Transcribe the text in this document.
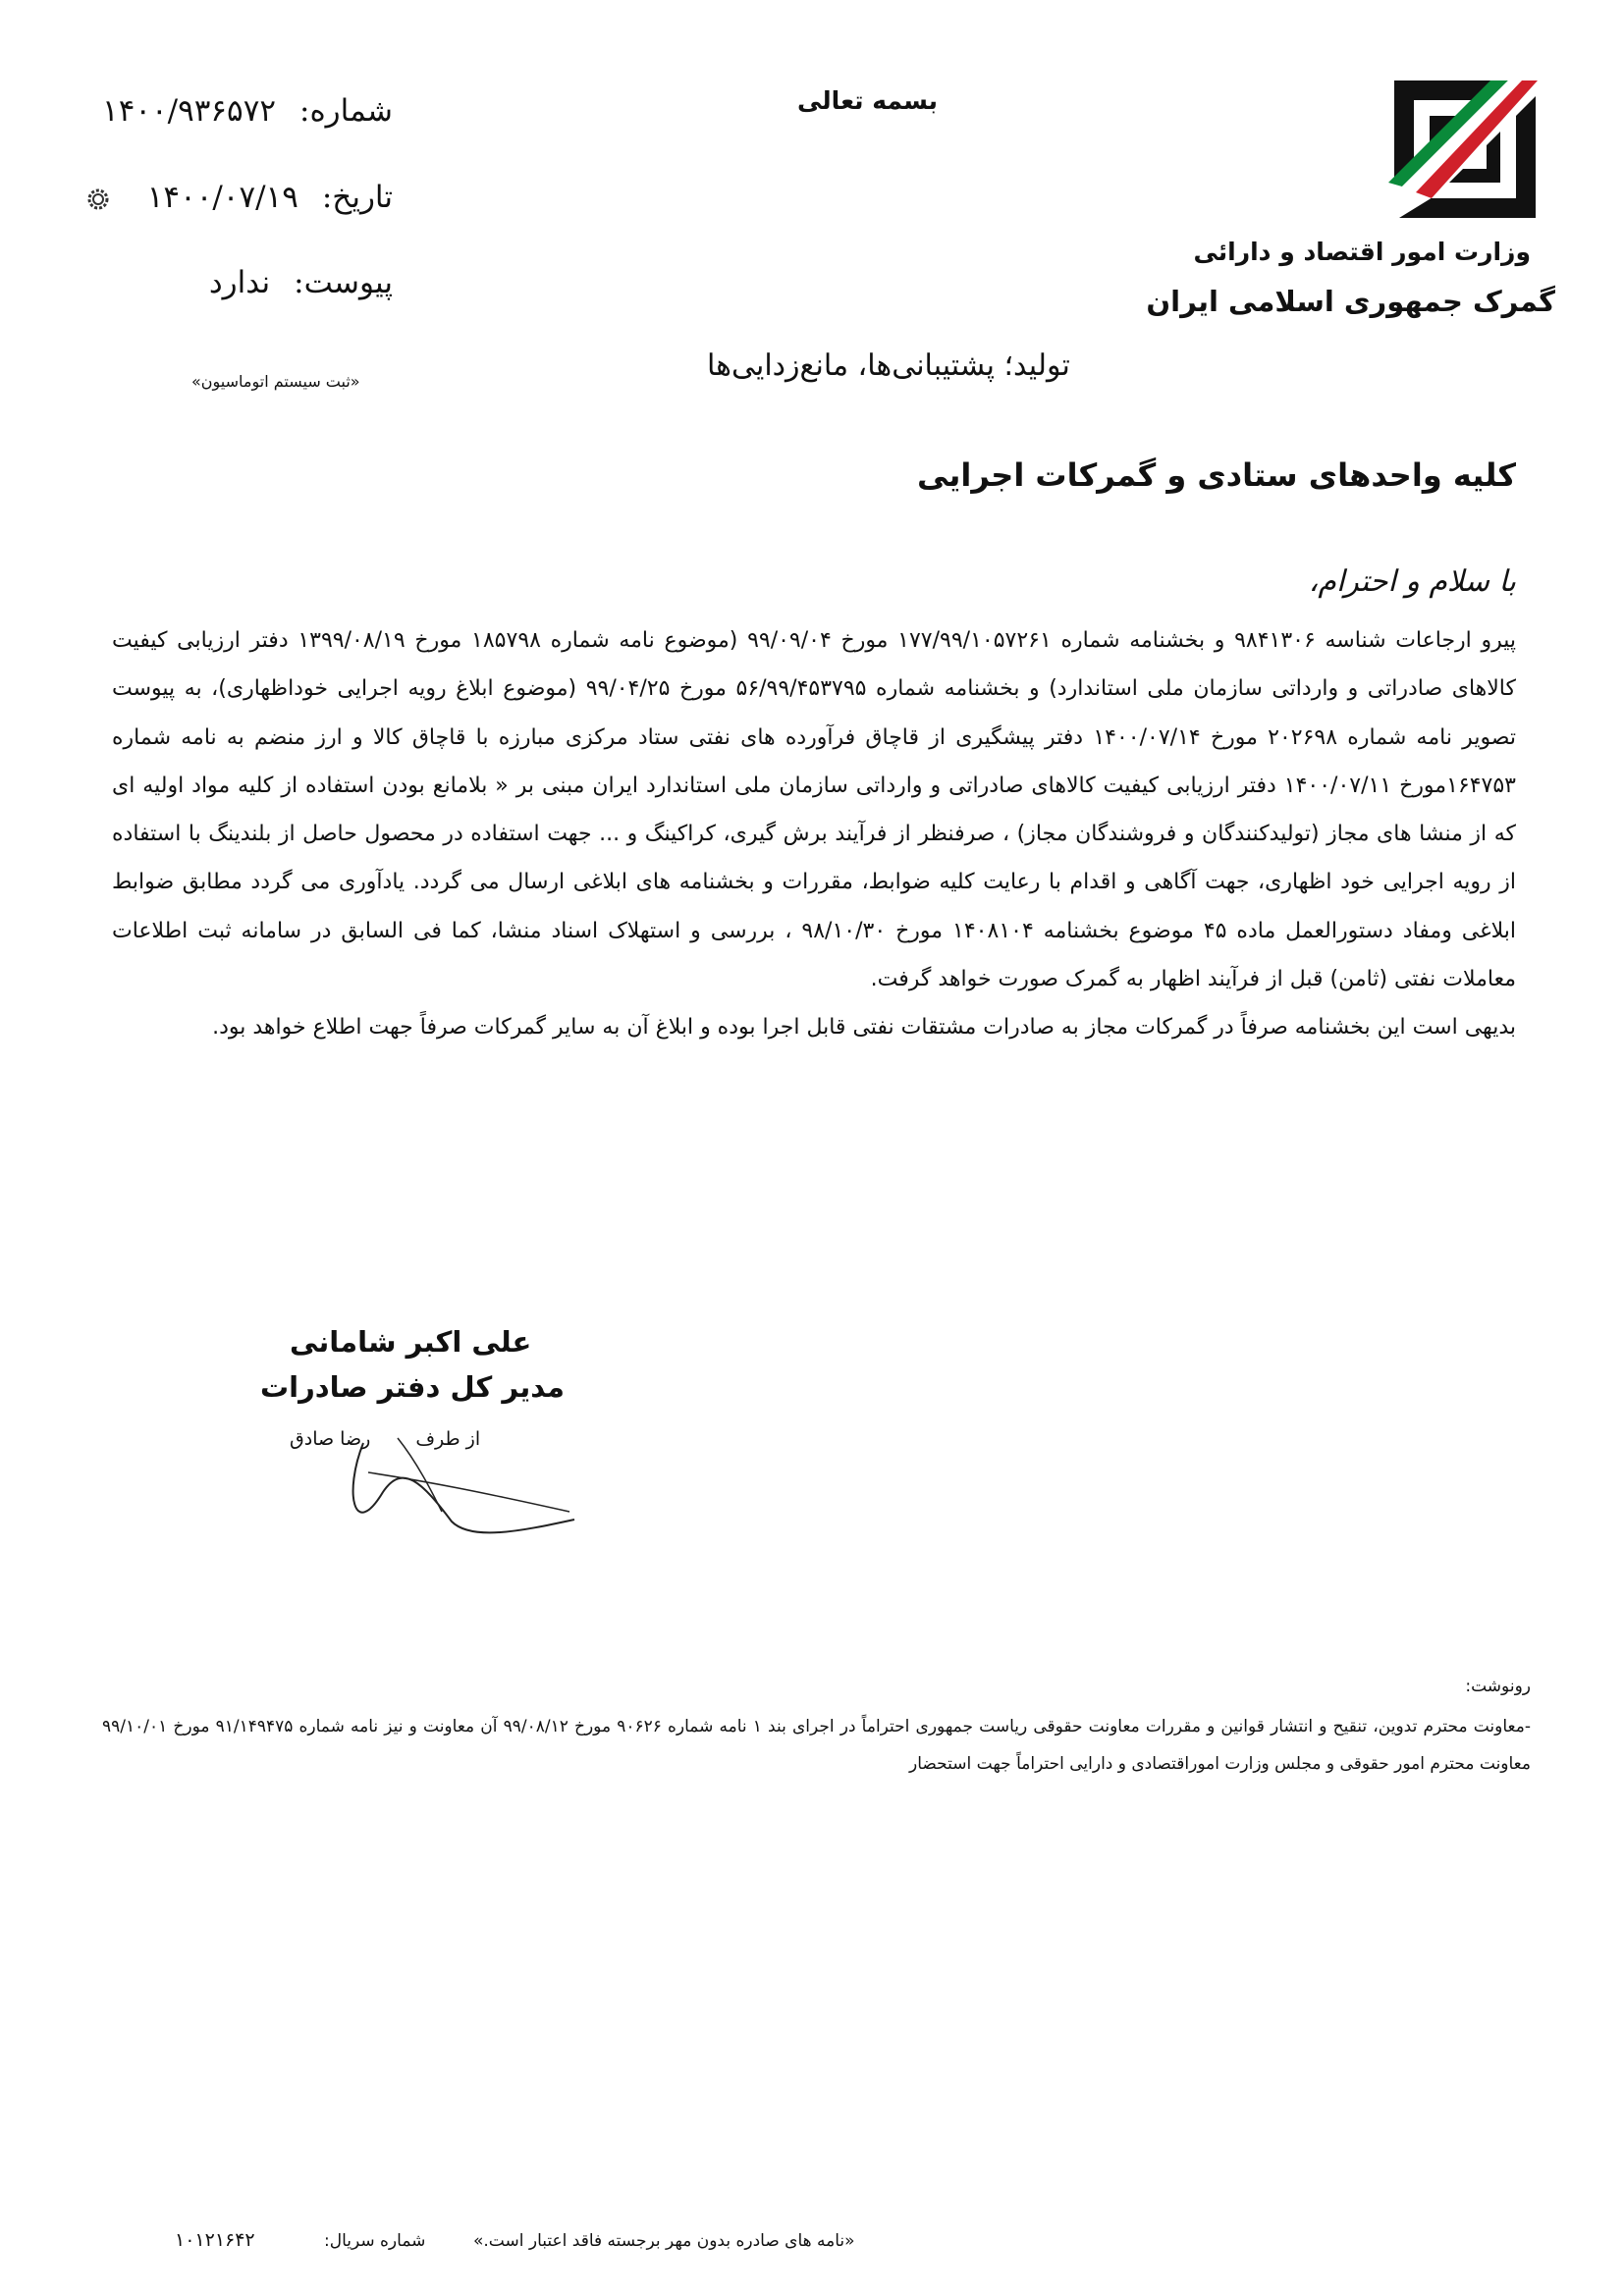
وزارت امور اقتصاد و دارائی
گمرک جمهوری اسلامی ایران
بسمه تعالی
تولید؛ پشتیبانی‌ها، مانع‌زدایی‌ها
شماره:
۱۴۰۰/۹۳۶۵۷۲
تاریخ:
۱۴۰۰/۰۷/۱۹
پیوست:
ندارد
«ثبت سیستم اتوماسیون»
کلیه واحدهای ستادی و گمرکات اجرایی
با سلام و احترام،

پیرو ارجاعات شناسه ۹۸۴۱۳۰۶ و بخشنامه شماره ۱۷۷/۹۹/۱۰۵۷۲۶۱ مورخ ۹۹/۰۹/۰۴ (موضوع نامه شماره ۱۸۵۷۹۸ مورخ ۱۳۹۹/۰۸/۱۹ دفتر ارزیابی کیفیت کالاهای صادراتی و وارداتی سازمان ملی استاندارد) و بخشنامه شماره ۵۶/۹۹/۴۵۳۷۹۵ مورخ ۹۹/۰۴/۲۵ (موضوع ابلاغ رویه اجرایی خوداظهاری)، به پیوست تصویر نامه شماره ۲۰۲۶۹۸ مورخ ۱۴۰۰/۰۷/۱۴ دفتر پیشگیری از قاچاق فرآورده های نفتی ستاد مرکزی مبارزه با قاچاق کالا و ارز منضم به نامه شماره ۱۶۴۷۵۳مورخ ۱۴۰۰/۰۷/۱۱ دفتر ارزیابی کیفیت کالاهای صادراتی و وارداتی سازمان ملی استاندارد ایران مبنی بر « بلامانع بودن استفاده از کلیه مواد اولیه ای که از منشا های مجاز (تولیدکنندگان و فروشندگان مجاز) ، صرفنظر از فرآیند برش گیری، کراکینگ و ... جهت استفاده در محصول حاصل از بلندینگ با استفاده از رویه اجرایی خود اظهاری، جهت آگاهی و اقدام با رعایت کلیه ضوابط، مقررات و بخشنامه های ابلاغی ارسال می گردد. یادآوری می گردد مطابق ضوابط ابلاغی ومفاد دستورالعمل ماده ۴۵ موضوع بخشنامه ۱۴۰۸۱۰۴ مورخ ۹۸/۱۰/۳۰ ، بررسی و استهلاک اسناد منشا، کما فی السابق در سامانه ثبت اطلاعات معاملات نفتی (ثامن) قبل از فرآیند اظهار به گمرک صورت خواهد گرفت.

بدیهی است این بخشنامه صرفاً در گمرکات مجاز به صادرات مشتقات نفتی قابل اجرا بوده و ابلاغ آن به سایر گمرکات صرفاً جهت اطلاع خواهد بود.

علی اکبر شامانی
مدیر کل دفتر صادرات
از طرف رضا صادق
رونوشت:
-معاونت محترم تدوین، تنقیح و انتشار قوانین و مقررات معاونت حقوقی ریاست جمهوری احتراماً در اجرای بند ۱ نامه شماره ۹۰۶۲۶ مورخ ۹۹/۰۸/۱۲ آن معاونت و نیز نامه شماره ۹۱/۱۴۹۴۷۵ مورخ ۹۹/۱۰/۰۱ معاونت محترم امور حقوقی و مجلس وزارت اموراقتصادی و دارایی احتراماً جهت استحضار
«نامه های صادره بدون مهر برجسته فاقد اعتبار است.»
شماره سریال:
۱۰۱۲۱۶۴۲
